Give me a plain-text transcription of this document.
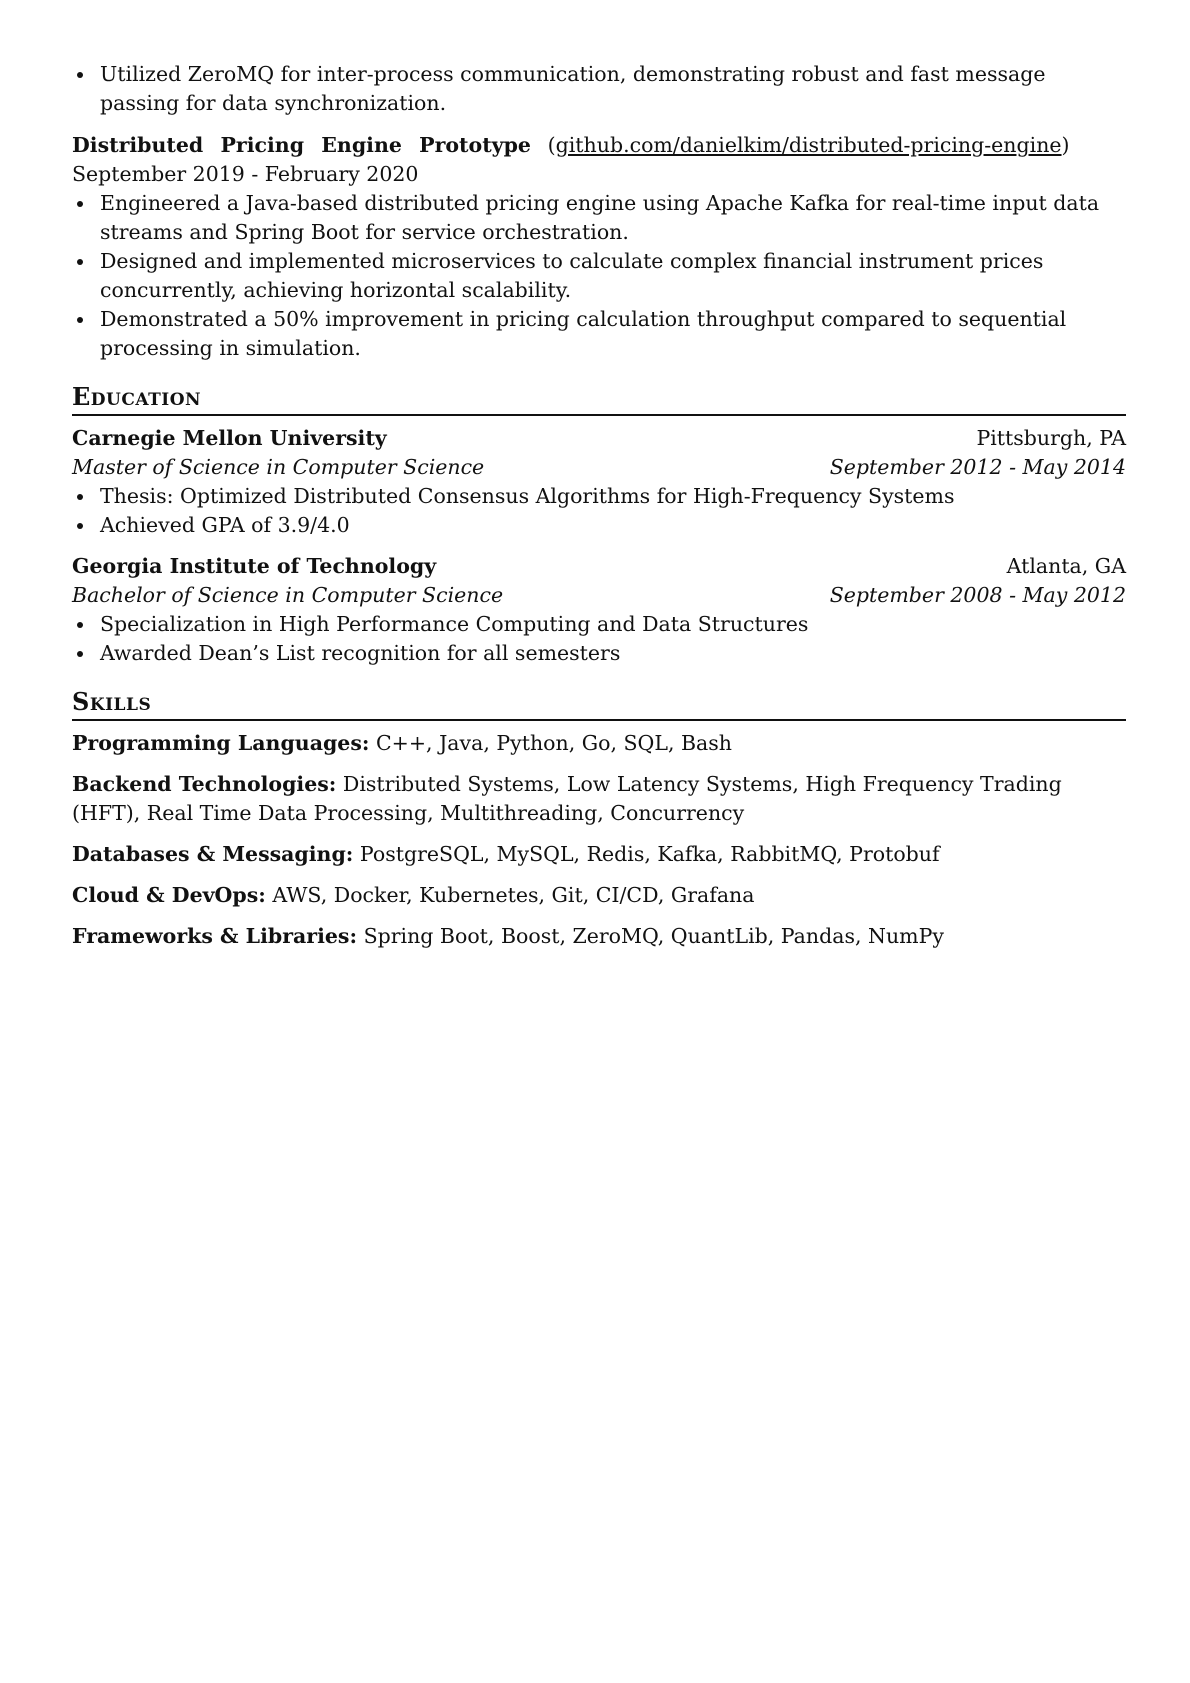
Utilized ZeroMQ for inter-process communication, demonstrating robust and fast message passing for data synchronization.
Distributed Pricing Engine Prototype (github.com/danielkim/distributed-pricing-engine)     September 2019 - February 2020
Engineered a Java-based distributed pricing engine using Apache Kafka for real-time input data streams and Spring Boot for service orchestration.
Designed and implemented microservices to calculate complex financial instrument prices concurrently, achieving horizontal scalability.
Demonstrated a 50% improvement in pricing calculation throughput compared to sequential processing in simulation.
Education
Carnegie Mellon University	Pittsburgh, PA
Master of Science in Computer Science	September 2012 - May 2014
Thesis: Optimized Distributed Consensus Algorithms for High-Frequency Systems
Achieved GPA of 3.9/4.0
Georgia Institute of Technology	Atlanta, GA
Bachelor of Science in Computer Science	September 2008 - May 2012
Specialization in High Performance Computing and Data Structures
Awarded Dean’s List recognition for all semesters
Skills
Programming Languages: C++, Java, Python, Go, SQL, Bash
Backend Technologies: Distributed Systems, Low Latency Systems, High Frequency Trading (HFT), Real Time Data Processing, Multithreading, Concurrency
Databases & Messaging: PostgreSQL, MySQL, Redis, Kafka, RabbitMQ, Protobuf
Cloud & DevOps: AWS, Docker, Kubernetes, Git, CI/CD, Grafana
Frameworks & Libraries: Spring Boot, Boost, ZeroMQ, QuantLib, Pandas, NumPy
